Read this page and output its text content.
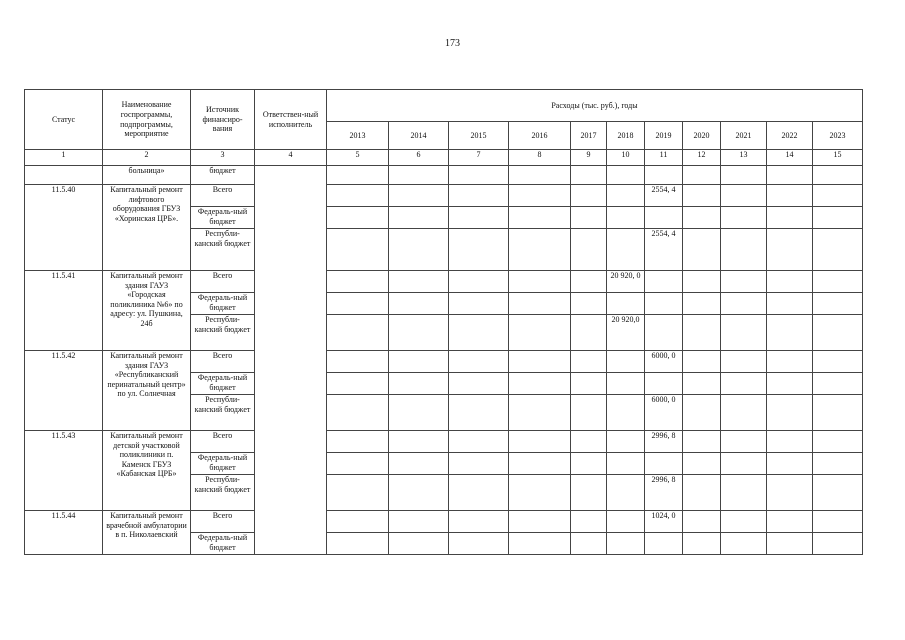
173
Статус	Наименование госпрограммы, подпрограммы, мероприятие	Источник финансиро-вания	Ответствен-ный исполнитель	Расходы (тыс. руб.), годы										
				2013	2014	2015	2016	2017	2018	2019	2020	2021	2022	2023
1	2	3	4	5	6	7	8	9	10	11	12	13	14	15
	больница»	бюджет												
11.5.40	Капитальный ремонт лифтового оборудования ГБУЗ «Хоринская ЦРБ».	Всего								2554, 4				
		Федераль-ный бюджет												
		Республи-канский бюджет								2554, 4				
11.5.41	Капитальный ремонт здания ГАУЗ «Городская поликлиника №6» по адресу: ул. Пушкина, 24б	Всего							20 920, 0					
		Федераль-ный бюджет												
		Республи-канский бюджет							20 920,0					
11.5.42	Капитальный ремонт здания ГАУЗ «Республиканский перинатальный центр» по ул. Солнечная	Всего								6000, 0				
		Федераль-ный бюджет												
		Республи-канский бюджет								6000, 0				
11.5.43	Капитальный ремонт детской участковой поликлиники п. Каменск ГБУЗ «Кабанская ЦРБ»	Всего								2996, 8				
		Федераль-ный бюджет												
		Республи-канский бюджет								2996, 8				
11.5.44	Капитальный ремонт врачебной амбулатории в п. Николаевский	Всего								1024, 0				
		Федераль-ный бюджет												
